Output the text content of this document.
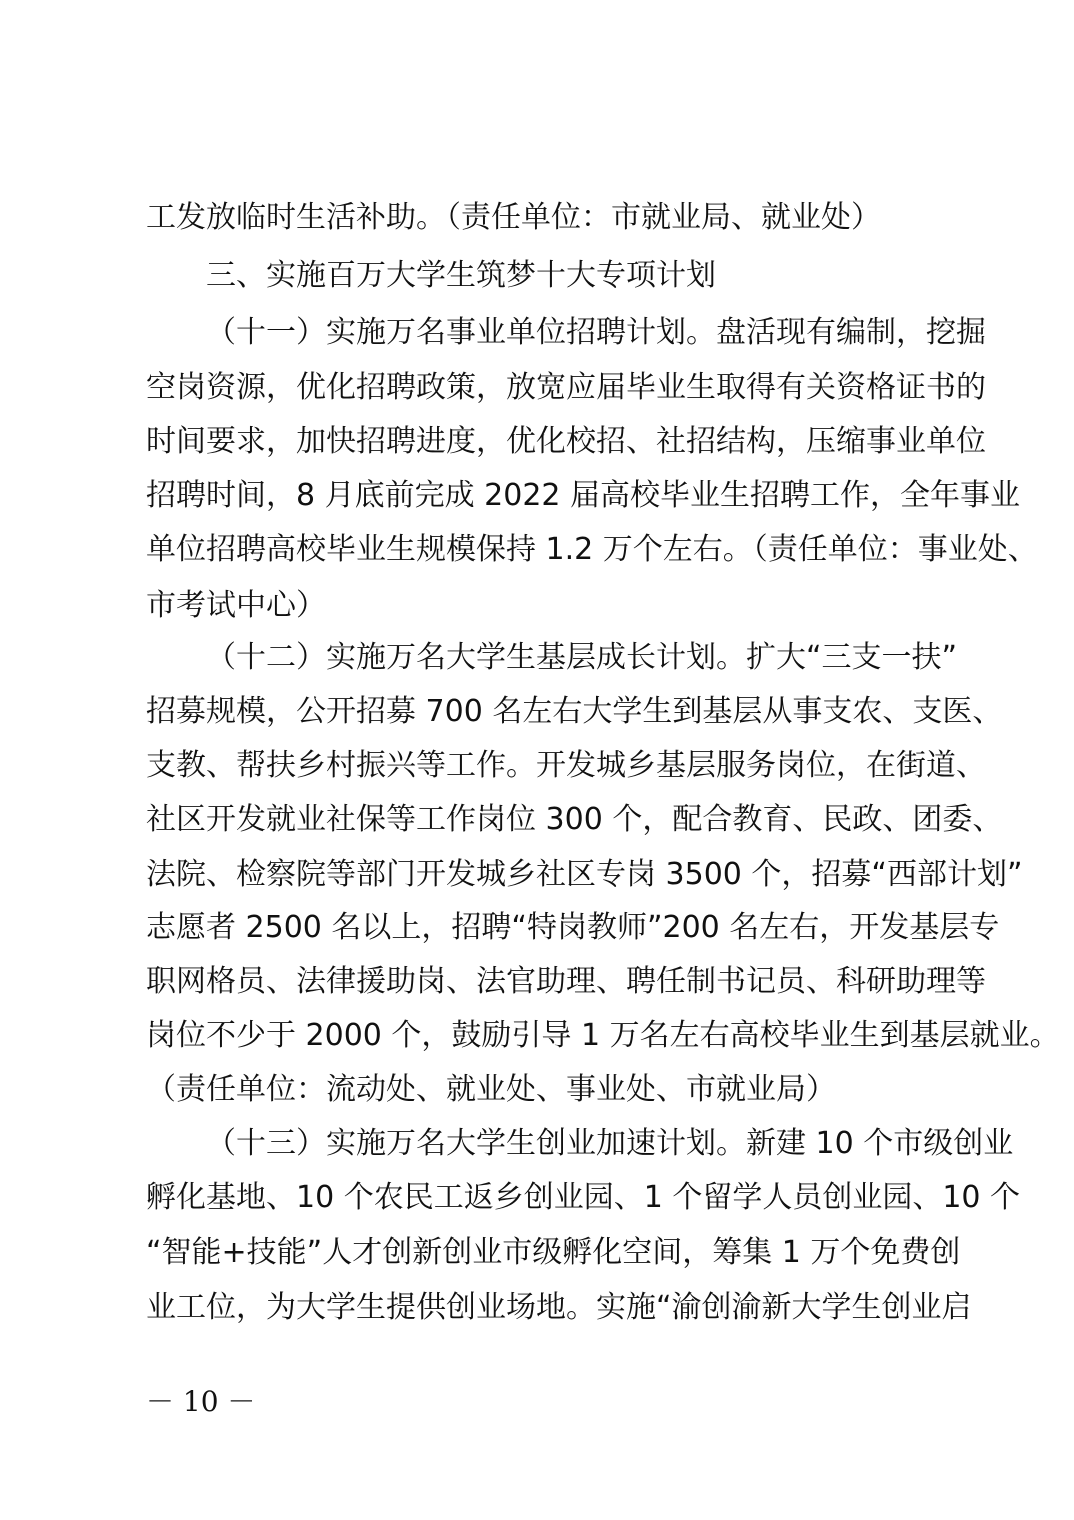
工发放临时生活补助。（责任单位：市就业局、就业处）
三、实施百万大学生筑梦十大专项计划
（十一）实施万名事业单位招聘计划。盘活现有编制，挖掘
空岗资源，优化招聘政策，放宽应届毕业生取得有关资格证书的
时间要求，加快招聘进度，优化校招、社招结构，压缩事业单位
招聘时间，8 月底前完成 2022 届高校毕业生招聘工作，全年事业
单位招聘高校毕业生规模保持 1.2 万个左右。（责任单位：事业处、
市考试中心）
（十二）实施万名大学生基层成长计划。扩大“三支一扶”
招募规模，公开招募 700 名左右大学生到基层从事支农、支医、
支教、帮扶乡村振兴等工作。开发城乡基层服务岗位，在街道、
社区开发就业社保等工作岗位 300 个，配合教育、民政、团委、
法院、检察院等部门开发城乡社区专岗 3500 个，招募“西部计划”
志愿者 2500 名以上，招聘“特岗教师”200 名左右，开发基层专
职网格员、法律援助岗、法官助理、聘任制书记员、科研助理等
岗位不少于 2000 个，鼓励引导 1 万名左右高校毕业生到基层就业。
（责任单位：流动处、就业处、事业处、市就业局）
（十三）实施万名大学生创业加速计划。新建 10 个市级创业
孵化基地、10 个农民工返乡创业园、1 个留学人员创业园、10 个
“智能+技能”人才创新创业市级孵化空间，筹集 1 万个免费创
业工位，为大学生提供创业场地。实施“渝创渝新大学生创业启
－ 10 －
